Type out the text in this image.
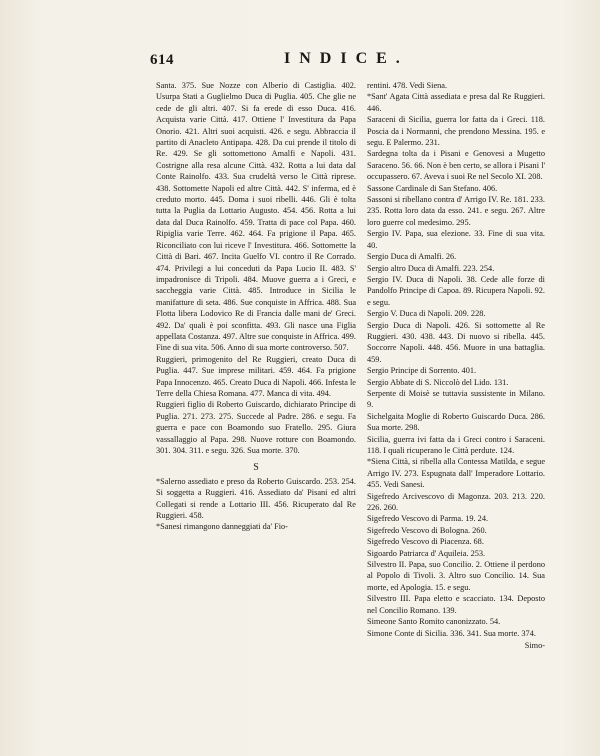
614	INDICE.
Santa. 375. Sue Nozze con Alberio di Castiglia. 402. Usurpa Stati a Guglielmo Duca di Puglia. 405. Che glie ne cede de gli altri. 407. Si fa erede di esso Duca. 416. Acquista varie Città. 417. Ottiene l' Investitura da Papa Onorio. 421. Altri suoi acquisti. 426. e segu. Abbraccia il partito di Anacleto Antipapa. 428. Da cui prende il titolo di Re. 429. Se gli sottomettono Amalfi e Napoli. 431. Costrigne alla resa alcune Città. 432. Rotta a lui data dal Conte Rainolfo. 433. Sua crudeltà verso le Città riprese. 438. Sottomette Napoli ed altre Città. 442. S' inferma, ed è creduto morto. 445. Doma i suoi ribelli. 446. Gli è tolta tutta la Puglia da Lottario Augusto. 454. 456. Rotta a lui data dal Duca Rainolfo. 459. Tratta di pace col Papa. 460. Ripiglia varie Terre. 462. 464. Fa prigione il Papa. 465. Riconciliato con lui riceve l' Investitura. 466. Sottomette la Città di Bari. 467. Incita Guelfo VI. contro il Re Corrado. 474. Privilegi a lui conceduti da Papa Lucio II. 483. S' impadronisce di Tripoli. 484. Muove guerra a i Greci, e saccheggia varie Città. 485. Introduce in Sicilia le manifatture di seta. 486. Sue conquiste in Affrica. 488. Sua Flotta libera Lodovico Re di Francia dalle mani de' Greci. 492. Da' quali è poi sconfitta. 493. Gli nasce una Figlia appellata Costanza. 497. Altre sue conquiste in Affrica. 499. Fine di sua vita. 506. Anno di sua morte controverso. 507.
Ruggieri, primogenito del Re Ruggieri, creato Duca di Puglia. 447. Sue imprese militari. 459. 464. Fa prigione Papa Innocenzo. 465. Creato Duca di Napoli. 466. Infesta le Terre della Chiesa Romana. 477. Manca di vita. 494.
Ruggieri figlio di Roberto Guiscardo, dichiarato Principe di Puglia. 271. 273. 275. Succede al Padre. 286. e segu. Fa guerra e pace con Boamondo suo Fratello. 295. Giura vassallaggio al Papa. 298. Nuove rotture con Boamondo. 301. 304. 311. e segu. 326. Sua morte. 370.
S
*Salerno assediato e preso da Roberto Guiscardo. 253. 254. Si soggetta a Ruggieri. 416. Assediato da' Pisani ed altri Collegati si rende a Lottario III. 456. Ricuperato dal Re Ruggieri. 458.
*Sanesi rimangono danneggiati da' Fio-
rentini. 478. Vedi Siena.
*Sant' Agata Città assediata e presa dal Re Ruggieri. 446.
Saraceni di Sicilia, guerra lor fatta da i Greci. 118. Poscia da i Normanni, che prendono Messina. 195. e segu. E Palermo. 231.
Sardegna tolta da i Pisani e Genovesi a Mugetto Saraceno. 56. 66. Non è ben certo, se allora i Pisani l' occupassero. 67. Aveva i suoi Re nel Secolo XI. 208.
Sassone Cardinale di San Stefano. 406.
Sassoni si ribellano contra d' Arrigo IV. Re. 181. 233. 235. Rotta loro data da esso. 241. e segu. 267. Altre loro guerre col medesimo. 295.
Sergio IV. Papa, sua elezione. 33. Fine di sua vita. 40.
Sergio Duca di Amalfi. 26.
Sergio altro Duca di Amalfi. 223. 254.
Sergio IV. Duca di Napoli. 38. Cede alle forze di Pandolfo Principe di Capoa. 89. Ricupera Napoli. 92. e segu.
Sergio V. Duca di Napoli. 209. 228.
Sergio Duca di Napoli. 426. Si sottomette al Re Ruggieri. 430. 438. 443. Di nuovo si ribella. 445. Soccorre Napoli. 448. 456. Muore in una battaglia. 459.
Sergio Principe di Sorrento. 401.
Sergio Abbate di S. Niccolò del Lido. 131.
Serpente di Moisè se tuttavia sussistente in Milano. 9.
Sichelgaita Moglie di Roberto Guiscardo Duca. 286. Sua morte. 298.
Sicilia, guerra ivi fatta da i Greci contro i Saraceni. 118. I quali ricuperano le Città perdute. 124.
*Siena Città, si ribella alla Contessa Matilda, e segue Arrigo IV. 273. Espugnata dall' Imperadore Lottario. 455. Vedi Sanesi.
Sigefredo Arcivescovo di Magonza. 203. 213. 220. 226. 260.
Sigefredo Vescovo di Parma. 19. 24.
Sigefredo Vescovo di Bologna. 260.
Sigefredo Vescovo di Piacenza. 68.
Sigoardo Patriarca d' Aquileia. 253.
Silvestro II. Papa, suo Concilio. 2. Ottiene il perdono al Popolo di Tivoli. 3. Altro suo Concilio. 14. Sua morte, ed Apologia. 15. e segu.
Silvestro III. Papa eletto e scacciato. 134. Deposto nel Concilio Romano. 139.
Simeone Santo Romito canonizzato. 54.
Simone Conte di Sicilia. 336. 341. Sua morte. 374.
Simo-
